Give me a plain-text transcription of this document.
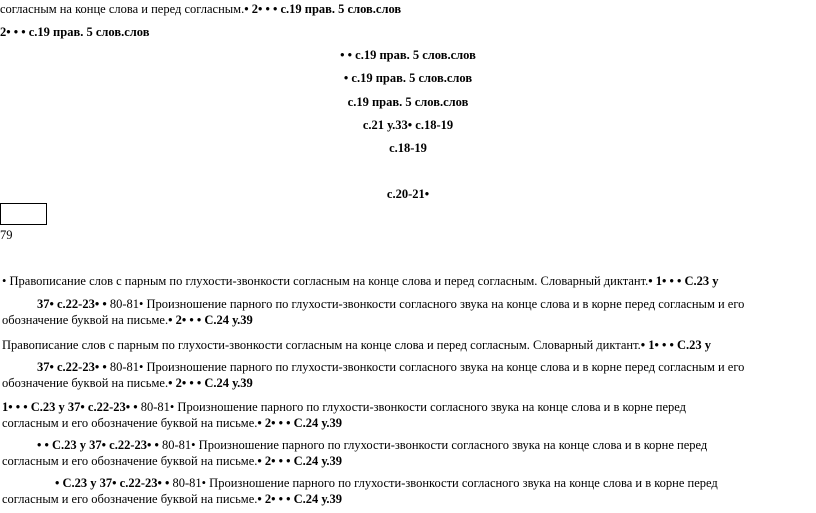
согласным на конце слова и перед согласным.• 2• • • с.19 прав. 5 слов.слов
2• • • с.19 прав. 5 слов.слов
• • с.19 прав. 5 слов.слов
• с.19 прав. 5 слов.слов
с.19 прав. 5 слов.слов
с.21 у.33• с.18-19
с.18-19
с.20-21•
79
• Правописание слов с парным по глухости-звонкости согласным на конце слова и перед согласным. Словарный диктант.• 1• • • С.23 у
37• с.22-23• • 80-81• Произношение парного по глухости-звонкости согласного звука на конце слова и в корне перед согласным и его
обозначение буквой на письме.• 2• • • С.24 у.39
Правописание слов с парным по глухости-звонкости согласным на конце слова и перед согласным. Словарный диктант.• 1• • • С.23 у
37• с.22-23• • 80-81• Произношение парного по глухости-звонкости согласного звука на конце слова и в корне перед согласным и его
обозначение буквой на письме.• 2• • • С.24 у.39
1• • • С.23 у 37• с.22-23• • 80-81• Произношение парного по глухости-звонкости согласного звука на конце слова и в корне перед
согласным и его обозначение буквой на письме.• 2• • • С.24 у.39
• • С.23 у 37• с.22-23• • 80-81• Произношение парного по глухости-звонкости согласного звука на конце слова и в корне перед
согласным и его обозначение буквой на письме.• 2• • • С.24 у.39
• С.23 у 37• с.22-23• • 80-81• Произношение парного по глухости-звонкости согласного звука на конце слова и в корне перед
согласным и его обозначение буквой на письме.• 2• • • С.24 у.39
